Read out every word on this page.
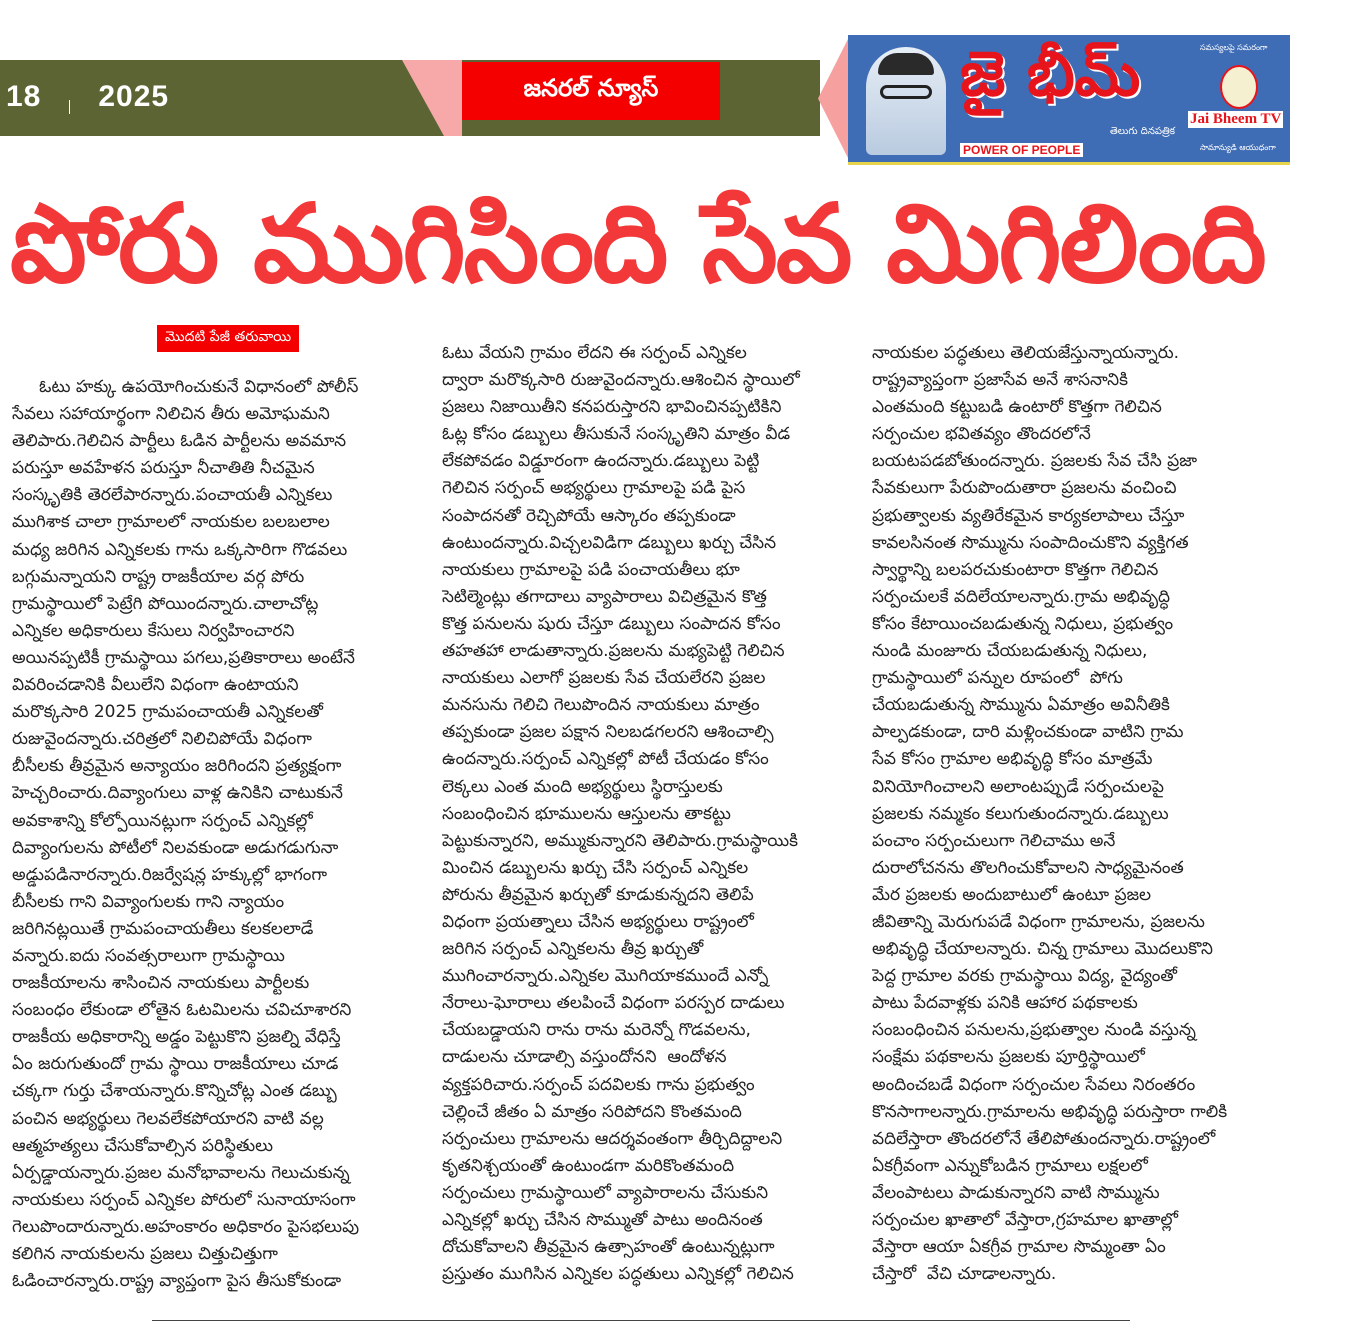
18 2025	జనరల్ న్యూస్	జై భీమ్
తెలుగు దినపత్రిక
POWER OF PEOPLE
సమస్యలపై సమరంగా
Jai Bheem TV
సామాన్యుడి ఆయుధంగా
పోరు ముగిసింది సేవ మిగిలింది
మొదటి పేజీ తరువాయి
ఓటు హక్కు ఉపయోగించుకునే విధానంలో పోలీస్
సేవలు సహాయార్థంగా నిలిచిన తీరు అమోఘమని
తెలిపారు.గెలిచిన పార్టీలు ఓడిన పార్టీలను అవమాన
పరుస్తూ అవహేళన పరుస్తూ నీచాతితి నీచమైన
సంస్కృతికి తెరలేపారన్నారు.పంచాయతీ ఎన్నికలు
ముగిశాక చాలా గ్రామాలలో నాయకుల బలబలాల
మధ్య జరిగిన ఎన్నికలకు గాను ఒక్కసారిగా గొడవలు
బగ్గుమన్నాయని రాష్ట్ర రాజకీయాల వర్గ పోరు
గ్రామస్థాయిలో పెట్రేగి పోయిందన్నారు.చాలాచోట్ల
ఎన్నికల అధికారులు కేసులు నిర్వహించారని
అయినప్పటికీ గ్రామస్థాయి పగలు,ప్రతికారాలు అంటేనే
వివరించడానికి వీలులేని విధంగా ఉంటాయని
మరొక్కసారి 2025 గ్రామపంచాయతీ ఎన్నికలతో
రుజువైందన్నారు.చరిత్రలో నిలిచిపోయే విధంగా
బీసీలకు తీవ్రమైన అన్యాయం జరిగిందని ప్రత్యక్షంగా
హెచ్చరించారు.దివ్యాంగులు వాళ్ల ఉనికిని చాటుకునే
అవకాశాన్ని కోల్పోయినట్లుగా సర్పంచ్ ఎన్నికల్లో
దివ్యాంగులను పోటీలో నిలవకుండా అడుగడుగునా
అడ్డుపడినారన్నారు.రిజర్వేషన్ల హక్కుల్లో భాగంగా
బీసీలకు గాని వివ్యాంగులకు గాని న్యాయం
జరిగినట్లయితే గ్రామపంచాయతీలు కలకలలాడే
వన్నారు.ఐదు సంవత్సరాలుగా గ్రామస్థాయి
రాజకీయాలను శాసించిన నాయకులు పార్టీలకు
సంబంధం లేకుండా లోతైన ఓటమిలను చవిచూశారని
రాజకీయ అధికారాన్ని అడ్డం పెట్టుకొని ప్రజల్ని వేధిస్తే
ఏం జరుగుతుందో గ్రామ స్థాయి రాజకీయాలు చూడ
చక్కగా గుర్తు చేశాయన్నారు.కొన్నిచోట్ల ఎంత డబ్బు
పంచిన అభ్యర్థులు గెలవలేకపోయారని వాటి వల్ల
ఆత్మహత్యలు చేసుకోవాల్సిన పరిస్థితులు
ఏర్పడ్డాయన్నారు.ప్రజల మనోభావాలను గెలుచుకున్న
నాయకులు సర్పంచ్ ఎన్నికల పోరులో సునాయాసంగా
గెలుపొందారున్నారు.అహంకారం అధికారం పైసభలుపు
కలిగిన నాయకులను ప్రజలు చిత్తుచిత్తుగా
ఓడించారన్నారు.రాష్ట్ర వ్యాప్తంగా పైస తీసుకోకుండా
ఓటు వేయని గ్రామం లేదని ఈ సర్పంచ్ ఎన్నికల
ద్వారా మరొక్కసారి రుజువైందన్నారు.ఆశించిన స్థాయిలో
ప్రజలు నిజాయితీని కనపరుస్తారని భావించినప్పటికిని
ఓట్ల కోసం డబ్బులు తీసుకునే సంస్కృతిని మాత్రం వీడ
లేకపోవడం విడ్డూరంగా ఉందన్నారు.డబ్బులు పెట్టి
గెలిచిన సర్పంచ్ అభ్యర్థులు గ్రామాలపై పడి పైస
సంపాదనతో రెచ్చిపోయే ఆస్కారం తప్పకుండా
ఉంటుందన్నారు.విచ్చలవిడిగా డబ్బులు ఖర్చు చేసిన
నాయకులు గ్రామాలపై పడి పంచాయతీలు భూ
సెటిల్మెంట్లు తగాదాలు వ్యాపారాలు విచిత్రమైన కొత్త
కొత్త పనులను షురు చేస్తూ డబ్బులు సంపాదన కోసం
తహతహా లాడుతాన్నారు.ప్రజలను మభ్యపెట్టి గెలిచిన
నాయకులు ఎలాగో ప్రజలకు సేవ చేయలేరని ప్రజల
మనసును గెలిచి గెలుపొందిన నాయకులు మాత్రం
తప్పకుండా ప్రజల పక్షాన నిలబడగలరని ఆశించాల్సి
ఉందన్నారు.సర్పంచ్ ఎన్నికల్లో పోటీ చేయడం కోసం
లెక్కలు ఎంత మంది అభ్యర్థులు స్థిరాస్తులకు
సంబంధించిన భూములను ఆస్తులను తాకట్టు
పెట్టుకున్నారని, అమ్ముకున్నారని తెలిపారు.గ్రామస్థాయికి
మించిన డబ్బులను ఖర్చు చేసి సర్పంచ్ ఎన్నికల
పోరును తీవ్రమైన ఖర్చుతో కూడుకున్నదని తెలిపే
విధంగా ప్రయత్నాలు చేసిన అభ్యర్థులు రాష్ట్రంలో
జరిగిన సర్పంచ్ ఎన్నికలను తీవ్ర ఖర్చుతో
ముగించారన్నారు.ఎన్నికల మొగియాకముందే ఎన్నో
నేరాలు-ఘోరాలు తలపించే విధంగా పరస్పర దాడులు
చేయబడ్డాయని రాను రాను మరెన్నో గొడవలను,
దాడులను చూడాల్సి వస్తుందోనని  ఆందోళన
వ్యక్తపరిచారు.సర్పంచ్ పదవిలకు గాను ప్రభుత్వం
చెల్లించే జీతం ఏ మాత్రం సరిపోదని కొంతమంది
సర్పంచులు గ్రామాలను ఆదర్శవంతంగా తీర్చిదిద్దాలని
కృతనిశ్చయంతో ఉంటుండగా మరికొంతమంది
సర్పంచులు గ్రామస్థాయిలో వ్యాపారాలను చేసుకుని
ఎన్నికల్లో ఖర్చు చేసిన సొమ్ముతో పాటు అందినంత
దోచుకోవాలని తీవ్రమైన ఉత్సాహంతో ఉంటున్నట్లుగా
ప్రస్తుతం ముగిసిన ఎన్నికల పద్ధతులు ఎన్నికల్లో గెలిచిన
నాయకుల పద్ధతులు తెలియజేస్తున్నాయన్నారు.
రాష్ట్రవ్యాప్తంగా ప్రజాసేవ అనే శాసనానికి
ఎంతమంది కట్టుబడి ఉంటారో కొత్తగా గెలిచిన
సర్పంచుల భవితవ్యం తొందరలోనే
బయటపడబోతుందన్నారు. ప్రజలకు సేవ చేసి ప్రజా
సేవకులుగా పేరుపొందుతారా ప్రజలను వంచించి
ప్రభుత్వాలకు వ్యతిరేకమైన కార్యకలాపాలు చేస్తూ
కావలసినంత సొమ్మును సంపాదించుకొని వ్యక్తిగత
స్వార్థాన్ని బలపరచుకుంటారా కొత్తగా గెలిచిన
సర్పంచులకే వదిలేయాలన్నారు.గ్రామ అభివృద్ధి
కోసం కేటాయించబడుతున్న నిధులు, ప్రభుత్వం
నుండి మంజూరు చేయబడుతున్న నిధులు,
గ్రామస్థాయిలో పన్నుల రూపంలో  పోగు
చేయబడుతున్న సొమ్మును ఏమాత్రం అవినీతికి
పాల్పడకుండా, దారి మళ్లించకుండా వాటిని గ్రామ
సేవ కోసం గ్రామాల అభివృద్ధి కోసం మాత్రమే
వినియోగించాలని అలాంటప్పుడే సర్పంచులపై
ప్రజలకు నమ్మకం కలుగుతుందన్నారు.డబ్బులు
పంచాం సర్పంచులుగా గెలిచాము అనే
దురాలోచనను తొలగించుకోవాలని సాధ్యమైనంత
మేర ప్రజలకు అందుబాటులో ఉంటూ ప్రజల
జీవితాన్ని మెరుగుపడే విధంగా గ్రామాలను, ప్రజలను
అభివృద్ధి చేయాలన్నారు. చిన్న గ్రామాలు మొదలుకొని
పెద్ద గ్రామాల వరకు గ్రామస్థాయి విద్య, వైద్యంతో
పాటు పేదవాళ్లకు పనికి ఆహార పథకాలకు
సంబంధించిన పనులను,ప్రభుత్వాల నుండి వస్తున్న
సంక్షేమ పథకాలను ప్రజలకు పూర్తిస్థాయిలో
అందించబడే విధంగా సర్పంచుల సేవలు నిరంతరం
కొనసాగాలన్నారు.గ్రామాలను అభివృద్ధి పరుస్తారా గాలికి
వదిలేస్తారా తొందరలోనే తేలిపోతుందన్నారు.రాష్ట్రంలో
ఏకగ్రీవంగా ఎన్నుకోబడిన గ్రామాలు లక్షలలో
వేలంపాటలు పాడుకున్నారని వాటి సొమ్మును
సర్పంచుల ఖాతాలో వేస్తారా,గ్రహమాల ఖాతాల్లో
వేస్తారా ఆయా ఏకగ్రీవ గ్రామాల సొమ్మంతా ఏం
చేస్తారో  వేచి చూడాలన్నారు.
